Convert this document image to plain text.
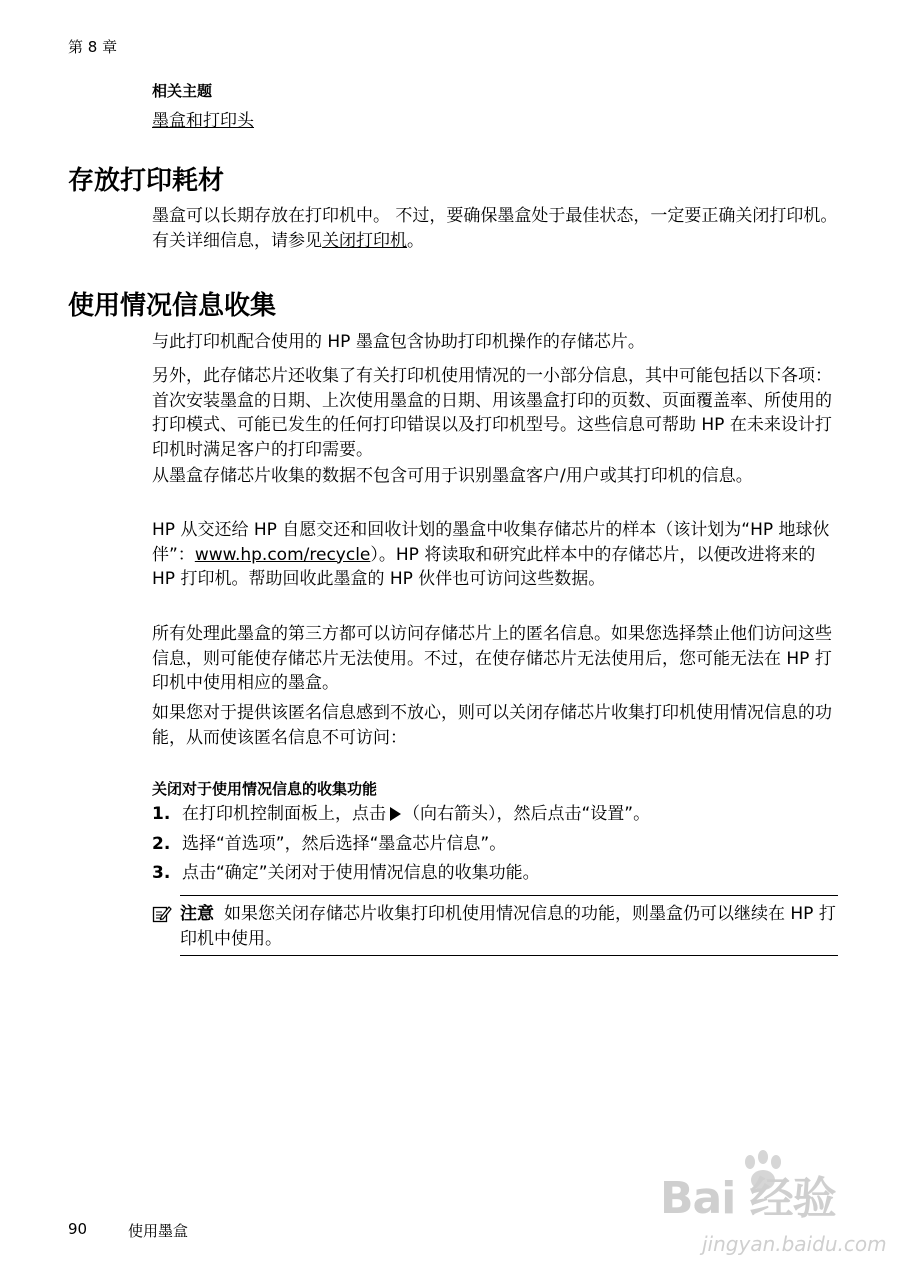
第 8 章
相关主题
墨盒和打印头
存放打印耗材

墨盒可以长期存放在打印机中。 不过，要确保墨盒处于最佳状态，一定要正确关闭打印机。 有关详细信息，请参见关闭打印机。

使用情况信息收集

与此打印机配合使用的 HP 墨盒包含协助打印机操作的存储芯片。

另外，此存储芯片还收集了有关打印机使用情况的一小部分信息，其中可能包括以下各项：首次安装墨盒的日期、上次使用墨盒的日期、用该墨盒打印的页数、页面覆盖率、所使用的打印模式、可能已发生的任何打印错误以及打印机型号。这些信息可帮助 HP 在未来设计打印机时满足客户的打印需要。

从墨盒存储芯片收集的数据不包含可用于识别墨盒客户/用户或其打印机的信息。

HP 从交还给 HP 自愿交还和回收计划的墨盒中收集存储芯片的样本（该计划为“HP 地球伙伴”：www.hp.com/recycle）。HP 将读取和研究此样本中的存储芯片，以便改进将来的 HP 打印机。帮助回收此墨盒的 HP 伙伴也可访问这些数据。

所有处理此墨盒的第三方都可以访问存储芯片上的匿名信息。如果您选择禁止他们访问这些信息，则可能使存储芯片无法使用。不过，在使存储芯片无法使用后，您可能无法在 HP 打印机中使用相应的墨盒。

如果您对于提供该匿名信息感到不放心，则可以关闭存储芯片收集打印机使用情况信息的功能，从而使该匿名信息不可访问：

关闭对于使用情况信息的收集功能
1. 在打印机控制面板上，点击 （向右箭头），然后点击“设置”。
2. 选择“首选项”，然后选择“墨盒芯片信息”。
3. 点击“确定”关闭对于使用情况信息的收集功能。
注意 如果您关闭存储芯片收集打印机使用情况信息的功能，则墨盒仍可以继续在 HP 打印机中使用。
90	使用墨盒
Bai 经验
jingyan.baidu.com
